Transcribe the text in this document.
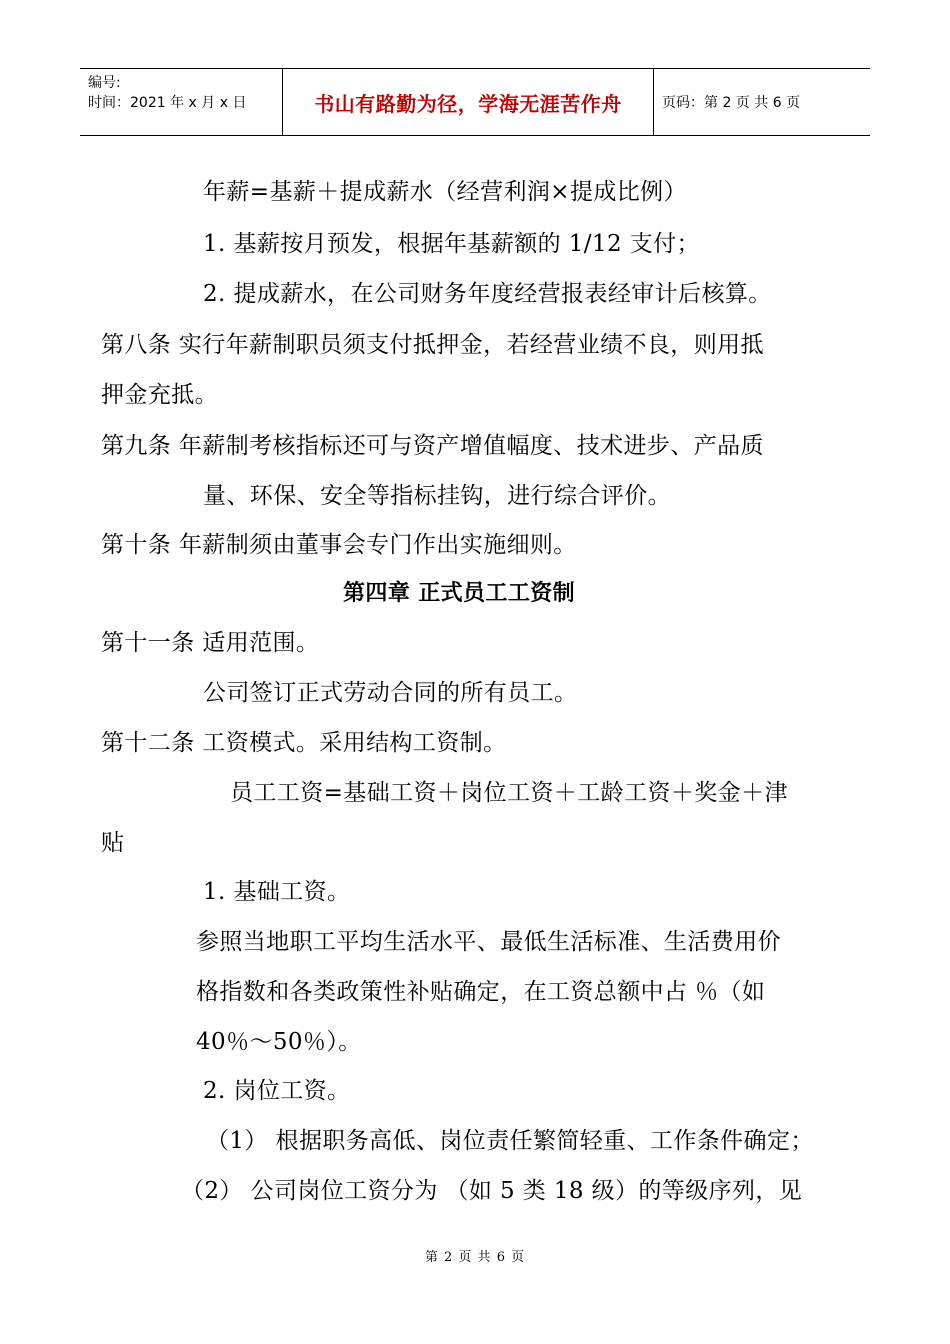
编号:
时间：2021 年 x 月 x 日	书山有路勤为径，学海无涯苦作舟	页码：第 2 页 共 6 页
年薪=基薪＋提成薪水（经营利润×提成比例）
1. 基薪按月预发，根据年基薪额的 1/12 支付；
2. 提成薪水，在公司财务年度经营报表经审计后核算。
第八条 实行年薪制职员须支付抵押金，若经营业绩不良，则用抵
押金充抵。
第九条 年薪制考核指标还可与资产增值幅度、技术进步、产品质
量、环保、安全等指标挂钩，进行综合评价。
第十条 年薪制须由董事会专门作出实施细则。
第四章 正式员工工资制
第十一条 适用范围。
公司签订正式劳动合同的所有员工。
第十二条 工资模式。采用结构工资制。
员工工资=基础工资＋岗位工资＋工龄工资＋奖金＋津
贴
1. 基础工资。
参照当地职工平均生活水平、最低生活标准、生活费用价
格指数和各类政策性补贴确定，在工资总额中占 ％（如
40％～50％）。
2. 岗位工资。
（1） 根据职务高低、岗位责任繁简轻重、工作条件确定；
（2） 公司岗位工资分为 （如 5 类 18 级）的等级序列，见
第 2 页 共 6 页
